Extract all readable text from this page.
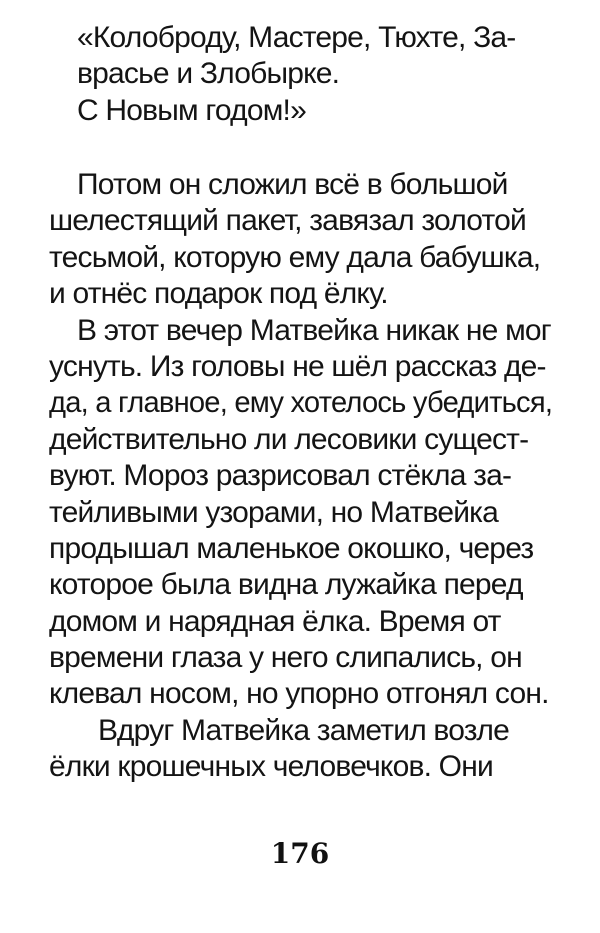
«Колоброду, Мастере, Тюхте, За-
врасье и Злобырке.
С Новым годом!»
Потом он сложил всё в большой
шелестящий пакет, завязал золотой
тесьмой, которую ему дала бабушка,
и отнёс подарок под ёлку.
В этот вечер Матвейка никак не мог
уснуть. Из головы не шёл рассказ де-
да, а главное, ему хотелось убедиться,
действительно ли лесовики сущест-
вуют. Мороз разрисовал стёкла за-
тейливыми узорами, но Матвейка
продышал маленькое окошко, через
которое была видна лужайка перед
домом и нарядная ёлка. Время от
времени глаза у него слипались, он
клевал носом, но упорно отгонял сон.
Вдруг Матвейка заметил возле
ёлки крошечных человечков. Они
176
